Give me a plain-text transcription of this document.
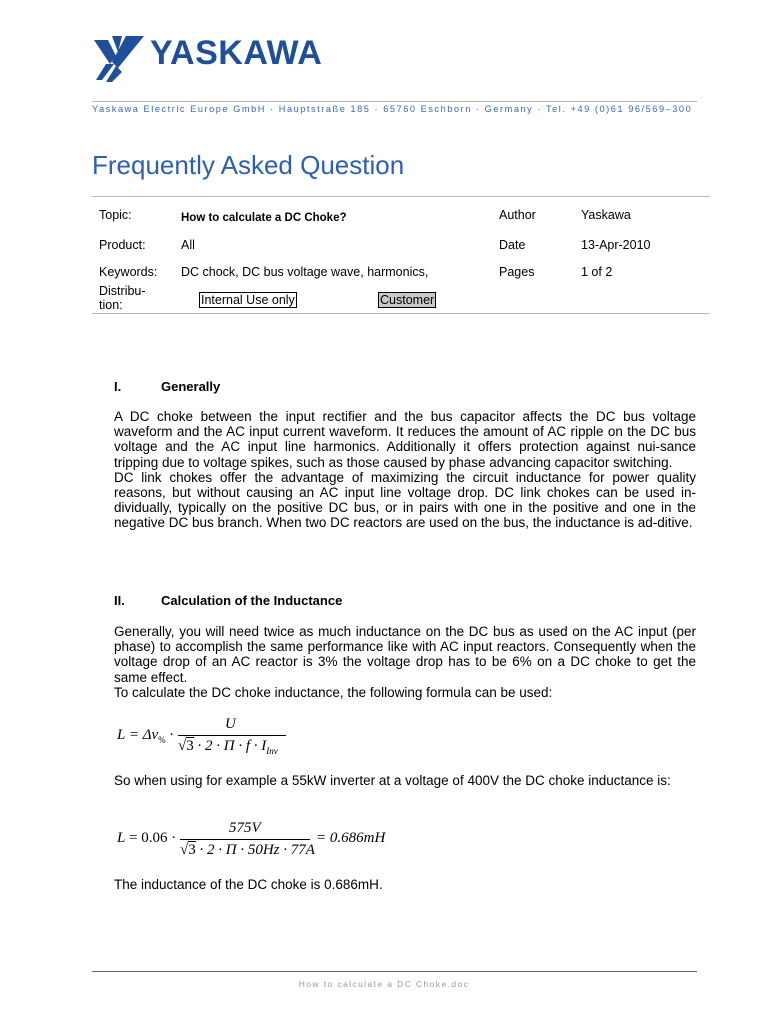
YASKAWA
Yaskawa Electric Europe GmbH · Hauptstraße 185 · 65760 Eschborn · Germany · Tel. +49 (0)61 96/569–300
Frequently Asked Question
Topic:	How to calculate a DC Choke?	Author	Yaskawa
Product:	All	Date	13-Apr-2010
Keywords: DC chock, DC bus voltage wave, harmonics,	Pages	1 of 2
Distribu-
tion:	Internal Use only	Customer
I.	Generally

A DC choke between the input rectifier and the bus capacitor affects the DC bus voltage waveform and the AC input current waveform. It reduces the amount of AC ripple on the DC bus voltage and the AC input line harmonics. Additionally it offers protection against nui-sance tripping due to voltage spikes, such as those caused by phase advancing capacitor switching.

DC link chokes offer the advantage of maximizing the circuit inductance for power quality reasons, but without causing an AC input line voltage drop. DC link chokes can be used in-dividually, typically on the positive DC bus, or in pairs with one in the positive and one in the negative DC bus branch. When two DC reactors are used on the bus, the inductance is ad-ditive.

II.	Calculation of the Inductance

Generally, you will need twice as much inductance on the DC bus as used on the AC input (per phase) to accomplish the same performance like with AC input reactors. Consequently when the voltage drop of an AC reactor is 3% the voltage drop has to be 6% on a DC choke to get the same effect.

To calculate the DC choke inductance, the following formula can be used:

$L = \Delta v_{\%}$ ·
U
$√3 \cdot 2 \cdot \Pi \cdot f \cdot I_{Inv}$
So when using for example a 55kW inverter at a voltage of 400V the DC choke inductance is:
L = 0.06 ·
575V
√3 · 2 · Π · 50Hz · 77A
= 0.686mH
The inductance of the DC choke is 0.686mH.
How to calculate a DC Choke.doc
